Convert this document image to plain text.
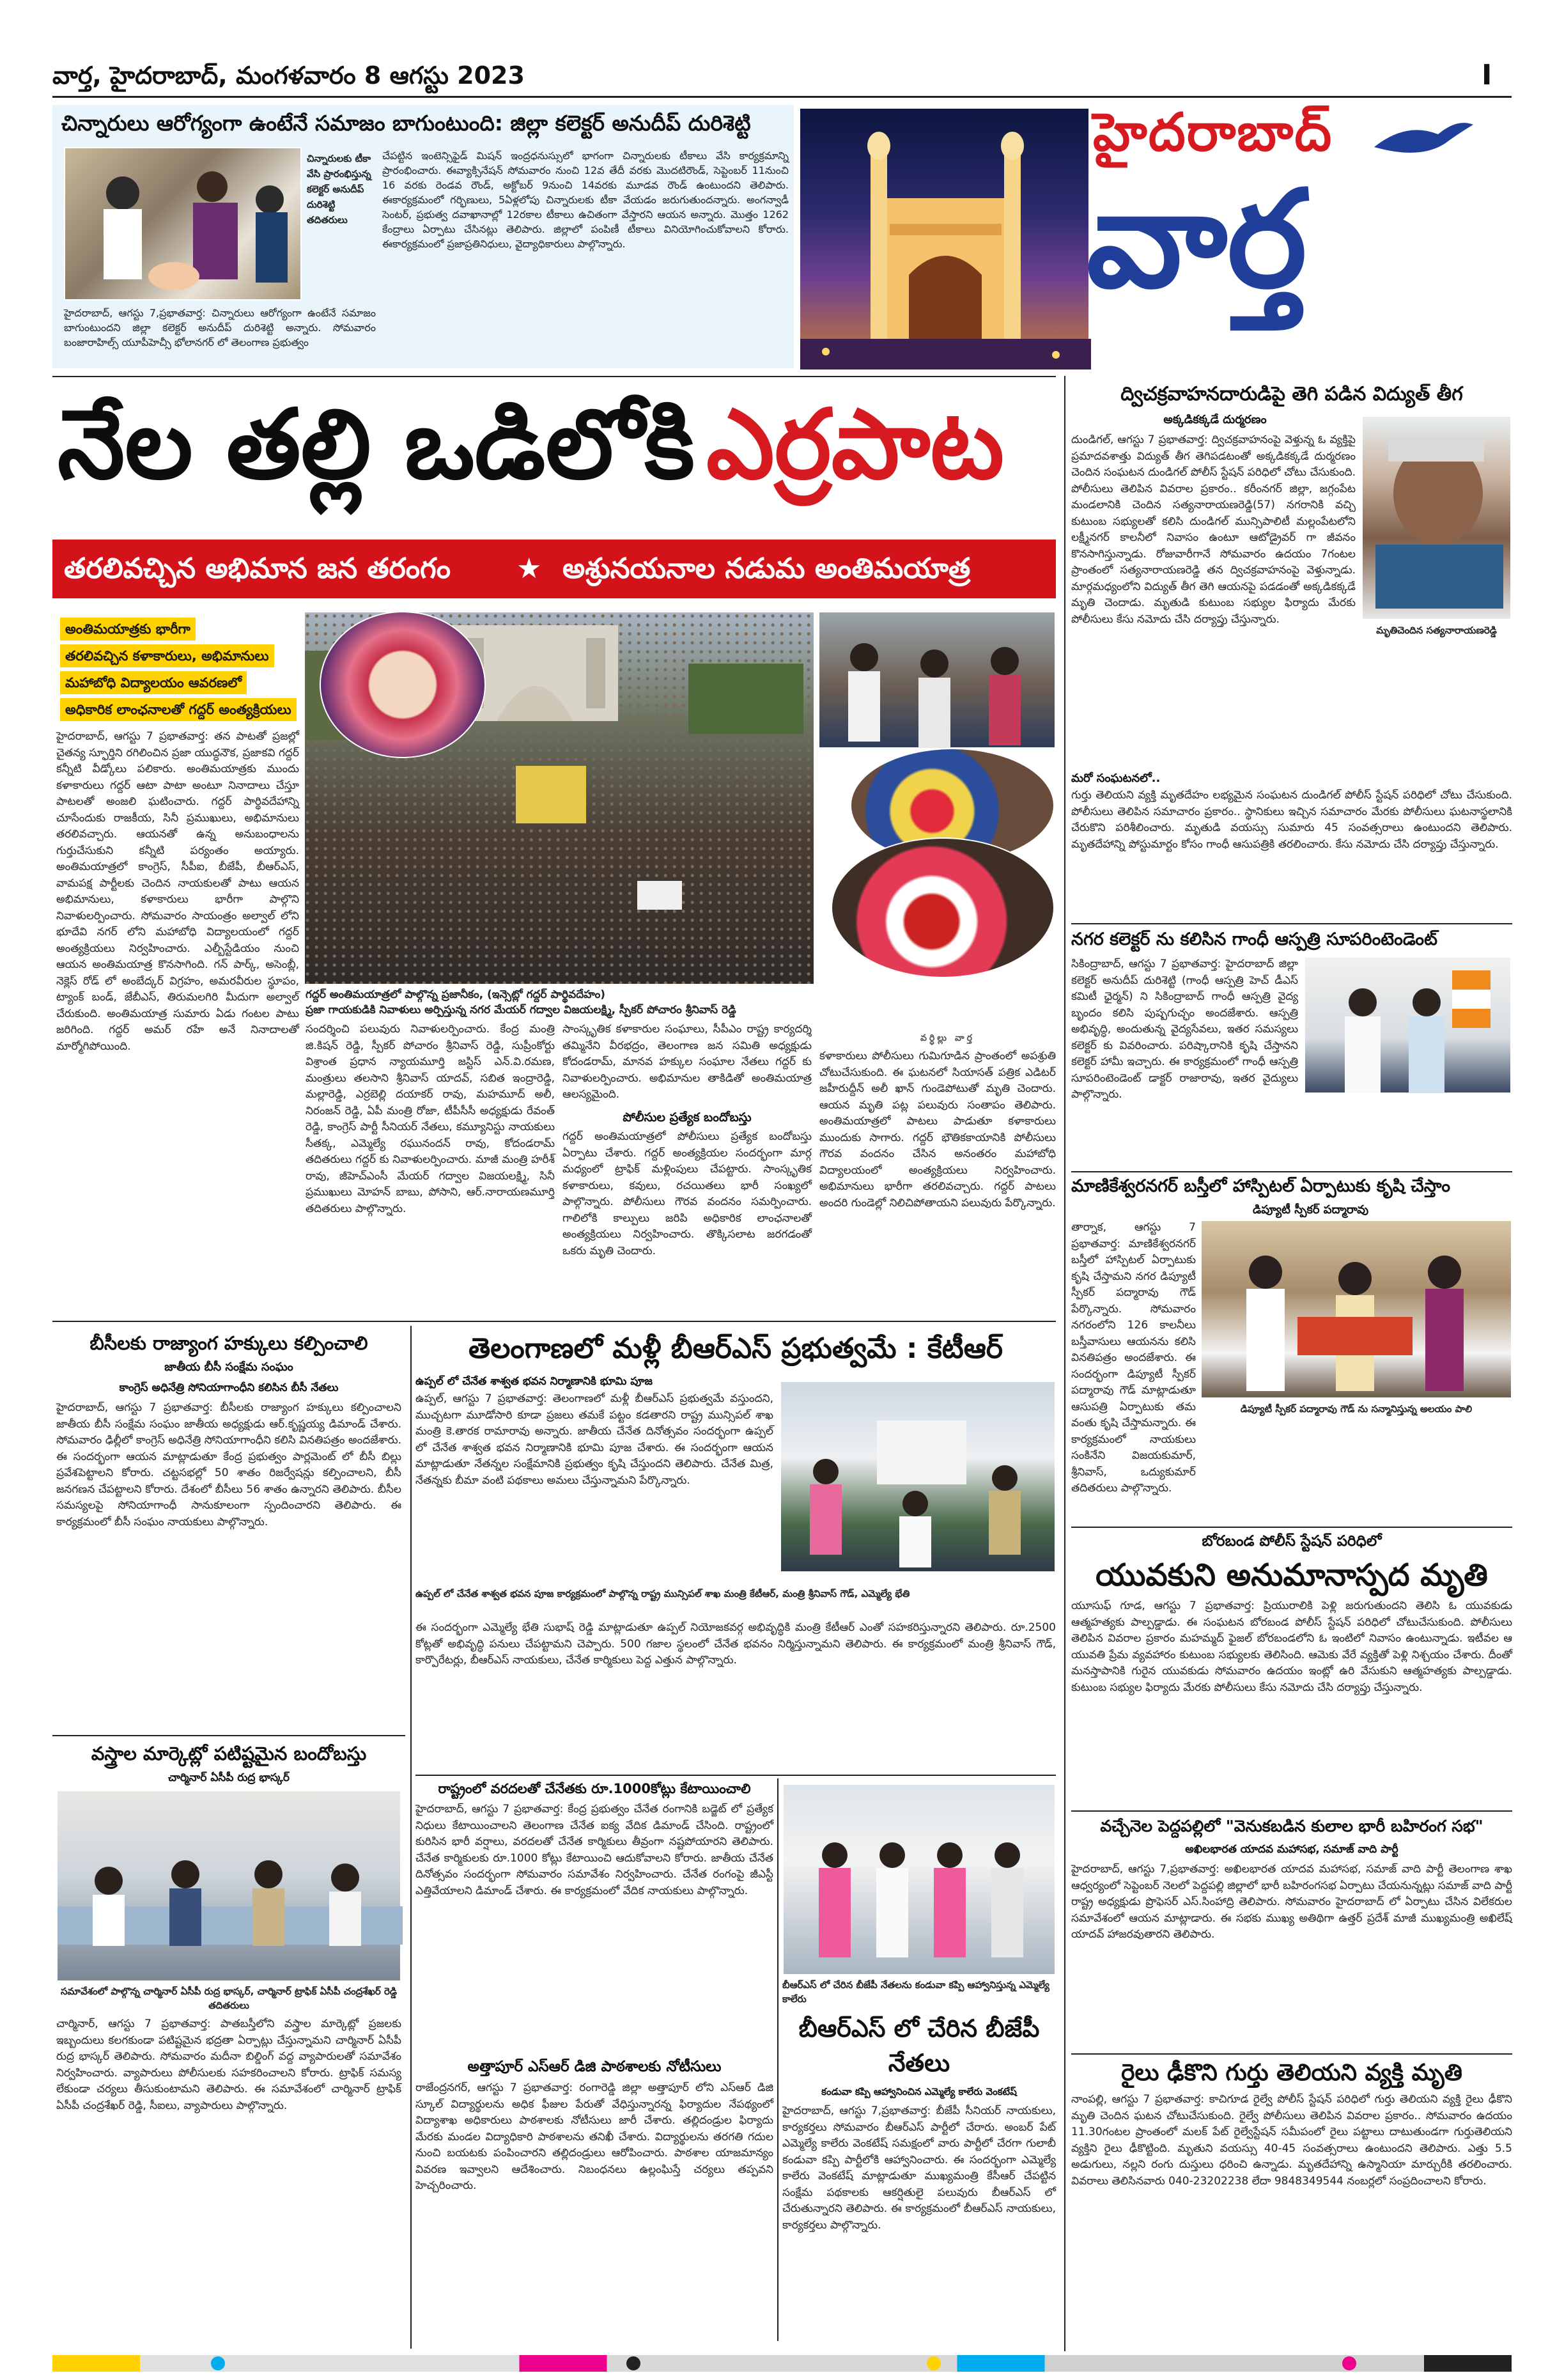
వార్త, హైదరాబాద్, మంగళవారం 8 ఆగస్టు 2023	I
చిన్నారులు ఆరోగ్యంగా ఉంటేనే సమాజం బాగుంటుంది: జిల్లా కలెక్టర్ అనుదీప్ దురిశెట్టి
చిన్నారులకు టీకా వేసి ప్రారంభిస్తున్న కలెక్టర్ అనుదీప్ దురిశెట్టి తదితరులు
హైదరాబాద్, ఆగస్టు 7,ప్రభాతవార్త: చిన్నారులు ఆరోగ్యంగా ఉంటేనే సమాజం బాగుంటుందని జిల్లా కలెక్టర్ అనుదీప్ దురిశెట్టి అన్నారు. సోమవారం బంజారాహిల్స్ యూపీహెచ్సీ భోలానగర్ లో తెలంగాణ ప్రభుత్వం
చేపట్టిన ఇంటెన్సిఫైడ్ మిషన్ ఇంద్రధనుస్సులో భాగంగా చిన్నారులకు టీకాలు వేసి కార్యక్రమాన్ని ప్రారంభించారు. ఈవ్యాక్సినేషన్ సోమవారం నుంచి 12వ తేదీ వరకు మొదటిరౌండ్, సెప్టెంబర్ 11నుంచి 16 వరకు రెండవ రౌండ్, అక్టోబర్ 9నుంచి 14వరకు మూడవ రౌండ్ ఉంటుందని తెలిపారు. ఈకార్యక్రమంలో గర్భిణులు, 5ఏళ్లలోపు చిన్నారులకు టీకా వేయడం జరుగుతుందన్నారు. అంగన్వాడీ సెంటర్, ప్రభుత్వ దవాఖానాల్లో 12రకాల టీకాలు ఉచితంగా వేస్తారని ఆయన అన్నారు. మొత్తం 1262 కేంద్రాలు ఏర్పాటు చేసినట్లు తెలిపారు. జిల్లాలో పంపిణీ టీకాలు వినియోగించుకోవాలని కోరారు. ఈకార్యక్రమంలో ప్రజాప్రతినిధులు, వైద్యాధికారులు పాల్గొన్నారు.
హైదరాబాద్
వార్త
నేల తల్లి ఒడిలోకి ఎర్రపాట
తరలివచ్చిన అభిమాన జన తరంగం ★ అశ్రునయనాల నడుమ అంతిమయాత్ర
అంతిమయాత్రకు భారీగా
తరలివచ్చిన కళాకారులు, అభిమానులు
మహాబోధి విద్యాలయం ఆవరణలో
అధికారిక లాంఛనాలతో గద్దర్ అంత్యక్రియలు
గద్దర్ అంతిమయాత్రలో పాల్గొన్న ప్రజానీకం, (ఇన్సెట్లో గద్దర్ పార్థివదేహం)
ప్రజా గాయకుడికి నివాళులు అర్పిస్తున్న నగర మేయర్ గద్వాల విజయలక్ష్మి, స్పీకర్ పోచారం శ్రీనివాస్ రెడ్డి
వర్ధిల్లు వార్త
హైదరాబాద్, ఆగస్టు 7 ప్రభాతవార్త: తన పాటతో ప్రజల్లో చైతన్య స్ఫూర్తిని రగిలించిన ప్రజా యుద్ధనౌక, ప్రజాకవి గద్దర్ కన్నీటి వీడ్కోలు పలికారు. అంతిమయాత్రకు ముందు కళాకారులు గద్దర్ ఆటా పాటా అంటూ నినాదాలు చేస్తూ పాటలతో అంజలి ఘటించారు. గద్దర్ పార్థివదేహాన్ని చూసేందుకు రాజకీయ, సినీ ప్రముఖులు, అభిమానులు తరలివచ్చారు. ఆయనతో ఉన్న అనుబంధాలను గుర్తుచేసుకుని కన్నీటి పర్యంతం అయ్యారు. అంతిమయాత్రలో కాంగ్రెస్, సీపీఐ, బీజేపీ, బీఆర్ఎస్, వామపక్ష పార్టీలకు చెందిన నాయకులతో పాటు ఆయన అభిమానులు, కళాకారులు భారీగా పాల్గొని నివాళులర్పించారు. సోమవారం సాయంత్రం అల్వాల్ లోని భూదేవి నగర్ లోని మహాబోధి విద్యాలయంలో గద్దర్ అంత్యక్రియలు నిర్వహించారు. ఎల్బీస్టేడియం నుంచి ఆయన అంతిమయాత్ర కొనసాగింది. గన్ పార్క్, అసెంబ్లీ, నెక్లెస్ రోడ్ లో అంబేద్కర్ విగ్రహం, అమరవీరుల స్థూపం, ట్యాంక్ బండ్, జేబీఎస్, తిరుమలగిరి మీదుగా అల్వాల్ చేరుకుంది. అంతిమయాత్ర సుమారు ఏడు గంటల పాటు జరిగింది. గద్దర్ అమర్ రహే అనే నినాదాలతో మార్మోగిపోయింది.
సందర్శించి పలువురు నివాళులర్పించారు. కేంద్ర మంత్రి జి.కిషన్ రెడ్డి, స్పీకర్ పోచారం శ్రీనివాస్ రెడ్డి, సుప్రీంకోర్టు విశ్రాంత ప్రధాన న్యాయమూర్తి జస్టిస్ ఎన్.వి.రమణ, మంత్రులు తలసాని శ్రీనివాస్ యాదవ్, సబిత ఇంద్రారెడ్డి, మల్లారెడ్డి, ఎర్రబెల్లి దయాకర్ రావు, మహమూద్ అలీ, నిరంజన్ రెడ్డి, ఏపీ మంత్రి రోజా, టీపీసీసీ అధ్యక్షుడు రేవంత్ రెడ్డి, కాంగ్రెస్ పార్టీ సీనియర్ నేతలు, కమ్యూనిస్టు నాయకులు సీతక్క, ఎమ్మెల్యే రఘునందన్ రావు, కోదండరామ్ తదితరులు గద్దర్ కు నివాళులర్పించారు. మాజీ మంత్రి హరీశ్ రావు, జీహెచ్ఎంసీ మేయర్ గద్వాల విజయలక్ష్మి, సినీ ప్రముఖులు మోహన్ బాబు, పోసాని, ఆర్.నారాయణమూర్తి తదితరులు పాల్గొన్నారు.
సాంస్కృతిక కళాకారుల సంఘాలు, సీపీఎం రాష్ట్ర కార్యదర్శి తమ్మినేని వీరభద్రం, తెలంగాణ జన సమితి అధ్యక్షుడు కోదండరామ్, మానవ హక్కుల సంఘాల నేతలు గద్దర్ కు నివాళులర్పించారు. అభిమానుల తాకిడితో అంతిమయాత్ర ఆలస్యమైంది.
పోలీసుల ప్రత్యేక బందోబస్తు
గద్దర్ అంతిమయాత్రలో పోలీసులు ప్రత్యేక బందోబస్తు ఏర్పాటు చేశారు. గద్దర్ అంత్యక్రియల సందర్భంగా మార్గ మధ్యంలో ట్రాఫిక్ మళ్లింపులు చేపట్టారు. సాంస్కృతిక కళాకారులు, కవులు, రచయితలు భారీ సంఖ్యలో పాల్గొన్నారు. పోలీసులు గౌరవ వందనం సమర్పించారు. గాలిలోకి కాల్పులు జరిపి అధికారిక లాంఛనాలతో అంత్యక్రియలు నిర్వహించారు. తొక్కిసలాట జరగడంతో ఒకరు మృతి చెందారు.
కళాకారులు పోలీసులు గుమిగూడిన ప్రాంతంలో అపశ్రుతి చోటుచేసుకుంది. ఈ ఘటనలో సియాసత్ పత్రిక ఎడిటర్ జహీరుద్దీన్ అలీ ఖాన్ గుండెపోటుతో మృతి చెందారు. ఆయన మృతి పట్ల పలువురు సంతాపం తెలిపారు. అంతిమయాత్రలో పాటలు పాడుతూ కళాకారులు ముందుకు సాగారు. గద్దర్ భౌతికకాయానికి పోలీసులు గౌరవ వందనం చేసిన అనంతరం మహాబోధి విద్యాలయంలో అంత్యక్రియలు నిర్వహించారు. అభిమానులు భారీగా తరలివచ్చారు. గద్దర్ పాటలు అందరి గుండెల్లో నిలిచిపోతాయని పలువురు పేర్కొన్నారు.
ద్విచక్రవాహనదారుడిపై తెగి పడిన విద్యుత్ తీగ
అక్కడికక్కడే దుర్మరణం
మృతిచెందిన సత్యనారాయణరెడ్డి
దుండిగల్, ఆగస్టు 7 ప్రభాతవార్త: ద్విచక్రవాహనంపై వెళ్తున్న ఓ వ్యక్తిపై ప్రమాదవశాత్తు విద్యుత్ తీగ తెగిపడటంతో అక్కడికక్కడే దుర్మరణం చెందిన సంఘటన దుండిగల్ పోలీస్ స్టేషన్ పరిధిలో చోటు చేసుకుంది. పోలీసులు తెలిపిన వివరాల ప్రకారం.. కరీంనగర్ జిల్లా, జగ్గంపేట మండలానికి చెందిన సత్యనారాయణరెడ్డి(57) నగరానికి వచ్చి కుటుంబ సభ్యులతో కలిసి దుండిగల్ మున్సిపాలిటీ మల్లంపేటలోని లక్ష్మీనగర్ కాలనీలో నివాసం ఉంటూ ఆటోడ్రైవర్ గా జీవనం కొనసాగిస్తున్నాడు. రోజువారీగానే సోమవారం ఉదయం 7గంటల ప్రాంతంలో సత్యనారాయణరెడ్డి తన ద్విచక్రవాహనంపై వెళ్తున్నాడు. మార్గమధ్యంలోని విద్యుత్ తీగ తెగి ఆయనపై పడడంతో అక్కడికక్కడే మృతి చెందాడు. మృతుడి కుటుంబ సభ్యుల ఫిర్యాదు మేరకు పోలీసులు కేసు నమోదు చేసి దర్యాప్తు చేస్తున్నారు.
మరో సంఘటనలో..
గుర్తు తెలియని వ్యక్తి మృతదేహం లభ్యమైన సంఘటన దుండిగల్ పోలీస్ స్టేషన్ పరిధిలో చోటు చేసుకుంది. పోలీసులు తెలిపిన సమాచారం ప్రకారం.. స్థానికులు ఇచ్చిన సమాచారం మేరకు పోలీసులు ఘటనాస్థలానికి చేరుకొని పరిశీలించారు. మృతుడి వయస్సు సుమారు 45 సంవత్సరాలు ఉంటుందని తెలిపారు. మృతదేహాన్ని పోస్టుమార్టం కోసం గాంధీ ఆసుపత్రికి తరలించారు. కేసు నమోదు చేసి దర్యాప్తు చేస్తున్నారు.
నగర కలెక్టర్ ను కలిసిన గాంధీ ఆస్పత్రి సూపరింటెండెంట్
సికింద్రాబాద్, ఆగస్టు 7 ప్రభాతవార్త: హైదరాబాద్ జిల్లా కలెక్టర్ అనుదీప్ దురిశెట్టి (గాంధీ ఆస్పత్రి హెచ్ డీఎస్ కమిటీ ఛైర్మన్) ని సికింద్రాబాద్ గాంధీ ఆస్పత్రి వైద్య బృందం కలిసి పుష్పగుచ్ఛం అందజేశారు. ఆస్పత్రి అభివృద్ధి, అందుతున్న వైద్యసేవలు, ఇతర సమస్యలు కలెక్టర్ కు వివరించారు. పరిష్కారానికి కృషి చేస్తానని కలెక్టర్ హామీ ఇచ్చారు. ఈ కార్యక్రమంలో గాంధీ ఆస్పత్రి సూపరింటెండెంట్ డాక్టర్ రాజారావు, ఇతర వైద్యులు పాల్గొన్నారు.
మాణికేశ్వరనగర్ బస్తీలో హాస్పిటల్ ఏర్పాటుకు కృషి చేస్తాం
డిప్యూటీ స్పీకర్ పద్మారావు
డిప్యూటీ స్పీకర్ పద్మారావు గౌడ్ ను సన్మానిస్తున్న అలయం పాలి
తార్నాక, ఆగస్టు 7 ప్రభాతవార్త: మాణికేశ్వరనగర్ బస్తీలో హాస్పిటల్ ఏర్పాటుకు కృషి చేస్తామని నగర డిప్యూటీ స్పీకర్ పద్మారావు గౌడ్ పేర్కొన్నారు. సోమవారం నగరంలోని 126 కాలనీలు బస్తీవాసులు ఆయనను కలిసి వినతిపత్రం అందజేశారు. ఈ సందర్భంగా డిప్యూటీ స్పీకర్ పద్మారావు గౌడ్ మాట్లాడుతూ ఆసుపత్రి ఏర్పాటుకు తమ వంతు కృషి చేస్తామన్నారు. ఈ కార్యక్రమంలో నాయకులు సంకినేని విజయకుమార్, శ్రీనివాస్, ఒద్యుకుమార్ తదితరులు పాల్గొన్నారు.
బోరబండ పోలీస్ స్టేషన్ పరిధిలో
యువకుని అనుమానాస్పద మృతి
యూసుఫ్ గూడ, ఆగస్టు 7 ప్రభాతవార్త: ప్రియురాలికి పెళ్లి జరుగుతుందని తెలిసి ఓ యువకుడు ఆత్మహత్యకు పాల్పడ్డాడు. ఈ సంఘటన బోరబండ పోలీస్ స్టేషన్ పరిధిలో చోటుచేసుకుంది. పోలీసులు తెలిపిన వివరాల ప్రకారం మహమ్మద్ ఫైజల్ బోరబండలోని ఓ ఇంటిలో నివాసం ఉంటున్నాడు. ఇటీవల ఆ యువతి ప్రేమ వ్యవహారం కుటుంబ సభ్యులకు తెలిసింది. ఆమెకు వేరే వ్యక్తితో పెళ్లి నిశ్చయం చేశారు. దీంతో మనస్తాపానికి గురైన యువకుడు సోమవారం ఉదయం ఇంట్లో ఉరి వేసుకుని ఆత్మహత్యకు పాల్పడ్డాడు. కుటుంబ సభ్యుల ఫిర్యాదు మేరకు పోలీసులు కేసు నమోదు చేసి దర్యాప్తు చేస్తున్నారు.
వచ్చేనెల పెద్దపల్లిలో "వెనుకబడిన కులాల భారీ బహిరంగ సభ"
అఖిలభారత యాదవ మహాసభ, సమాజ్ వాది పార్టీ
హైదరాబాద్, ఆగస్టు 7,ప్రభాతవార్త: అఖిలభారత యాదవ మహాసభ, సమాజ్ వాది పార్టీ తెలంగాణ శాఖ ఆధ్వర్యంలో సెప్టెంబర్ నెలలో పెద్దపల్లి జిల్లాలో భారీ బహిరంగసభ ఏర్పాటు చేయనున్నట్లు సమాజ్ వాది పార్టీ రాష్ట్ర అధ్యక్షుడు ప్రొఫెసర్ ఎస్.సింహాద్రి తెలిపారు. సోమవారం హైదరాబాద్ లో ఏర్పాటు చేసిన విలేకరుల సమావేశంలో ఆయన మాట్లాడారు. ఈ సభకు ముఖ్య అతిథిగా ఉత్తర్ ప్రదేశ్ మాజీ ముఖ్యమంత్రి అఖిలేష్ యాదవ్ హాజరవుతారని తెలిపారు.
రైలు ఢీకొని గుర్తు తెలియని వ్యక్తి మృతి
నాంపల్లి, ఆగస్టు 7 ప్రభాతవార్త: కాచిగూడ రైల్వే పోలీస్ స్టేషన్ పరిధిలో గుర్తు తెలియని వ్యక్తి రైలు ఢీకొని మృతి చెందిన ఘటన చోటుచేసుకుంది. రైల్వే పోలీసులు తెలిపిన వివరాల ప్రకారం.. సోమవారం ఉదయం 11.30గంటల ప్రాంతంలో మలక్ పేట్ రైల్వేస్టేషన్ సమీపంలో రైలు పట్టాలు దాటుతుండగా గుర్తుతెలియని వ్యక్తిని రైలు ఢీకొట్టింది. మృతుని వయస్సు 40-45 సంవత్సరాలు ఉంటుందని తెలిపారు. ఎత్తు 5.5 అడుగులు, నల్లని రంగు దుస్తులు ధరించి ఉన్నాడు. మృతదేహాన్ని ఉస్మానియా మార్చురీకి తరలించారు. వివరాలు తెలిసినవారు 040-23202238 లేదా 9848349544 నంబర్లలో సంప్రదించాలని కోరారు.
బీసీలకు రాజ్యాంగ హక్కులు కల్పించాలి
జాతీయ బీసీ సంక్షేమ సంఘం
కాంగ్రెస్ అధినేత్రి సోనియాగాంధీని కలిసిన బీసీ నేతలు
హైదరాబాద్, ఆగస్టు 7 ప్రభాతవార్త: బీసీలకు రాజ్యాంగ హక్కులు కల్పించాలని జాతీయ బీసీ సంక్షేమ సంఘం జాతీయ అధ్యక్షుడు ఆర్.కృష్ణయ్య డిమాండ్ చేశారు. సోమవారం ఢిల్లీలో కాంగ్రెస్ అధినేత్రి సోనియాగాంధీని కలిసి వినతిపత్రం అందజేశారు. ఈ సందర్భంగా ఆయన మాట్లాడుతూ కేంద్ర ప్రభుత్వం పార్లమెంట్ లో బీసీ బిల్లు ప్రవేశపెట్టాలని కోరారు. చట్టసభల్లో 50 శాతం రిజర్వేషన్లు కల్పించాలని, బీసీ జనగణన చేపట్టాలని కోరారు. దేశంలో బీసీలు 56 శాతం ఉన్నారని తెలిపారు. బీసీల సమస్యలపై సోనియాగాంధీ సానుకూలంగా స్పందించారని తెలిపారు. ఈ కార్యక్రమంలో బీసీ సంఘం నాయకులు పాల్గొన్నారు.
వస్త్రాల మార్కెట్లో పటిష్టమైన బందోబస్తు
చార్మినార్ ఏసీపీ రుద్ర భాస్కర్
సమావేశంలో పాల్గొన్న చార్మినార్ ఏసీపీ రుద్ర భాస్కర్, చార్మినార్ ట్రాఫిక్ ఏసీపీ చంద్రశేఖర్ రెడ్డి తదితరులు
చార్మినార్, ఆగస్టు 7 ప్రభాతవార్త: పాతబస్తీలోని వస్త్రాల మార్కెట్లో ప్రజలకు ఇబ్బందులు కలగకుండా పటిష్టమైన భద్రతా ఏర్పాట్లు చేస్తున్నామని చార్మినార్ ఏసీపీ రుద్ర భాస్కర్ తెలిపారు. సోమవారం మదీనా బిల్డింగ్ వద్ద వ్యాపారులతో సమావేశం నిర్వహించారు. వ్యాపారులు పోలీసులకు సహకరించాలని కోరారు. ట్రాఫిక్ సమస్య లేకుండా చర్యలు తీసుకుంటామని తెలిపారు. ఈ సమావేశంలో చార్మినార్ ట్రాఫిక్ ఏసీపీ చంద్రశేఖర్ రెడ్డి, సీఐలు, వ్యాపారులు పాల్గొన్నారు.
తెలంగాణలో మళ్లీ బీఆర్ఎస్ ప్రభుత్వమే : కేటీఆర్
ఉప్పల్ లో చేనేత శాశ్వత భవన నిర్మాణానికి భూమి పూజ
ఉప్పల్, ఆగస్టు 7 ప్రభాతవార్త: తెలంగాణలో మళ్లీ బీఆర్ఎస్ ప్రభుత్వమే వస్తుందని, ముచ్చటగా మూడోసారి కూడా ప్రజలు తమకే పట్టం కడతారని రాష్ట్ర మున్సిపల్ శాఖ మంత్రి కె.తారక రామారావు అన్నారు. జాతీయ చేనేత దినోత్సవం సందర్భంగా ఉప్పల్ లో చేనేత శాశ్వత భవన నిర్మాణానికి భూమి పూజ చేశారు. ఈ సందర్భంగా ఆయన మాట్లాడుతూ నేతన్నల సంక్షేమానికి ప్రభుత్వం కృషి చేస్తుందని తెలిపారు. చేనేత మిత్ర, నేతన్నకు బీమా వంటి పథకాలు అమలు చేస్తున్నామని పేర్కొన్నారు.
ఉప్పల్ లో చేనేత శాశ్వత భవన పూజ కార్యక్రమంలో పాల్గొన్న రాష్ట్ర మున్సిపల్ శాఖ మంత్రి కేటీఆర్, మంత్రి శ్రీనివాస్ గౌడ్, ఎమ్మెల్యే భేతి
ఈ సందర్భంగా ఎమ్మెల్యే భేతి సుభాష్ రెడ్డి మాట్లాడుతూ ఉప్పల్ నియోజకవర్గ అభివృద్ధికి మంత్రి కేటీఆర్ ఎంతో సహకరిస్తున్నారని తెలిపారు. రూ.2500 కోట్లతో అభివృద్ధి పనులు చేపట్టామని చెప్పారు. 500 గజాల స్థలంలో చేనేత భవనం నిర్మిస్తున్నామని తెలిపారు. ఈ కార్యక్రమంలో మంత్రి శ్రీనివాస్ గౌడ్, కార్పొరేటర్లు, బీఆర్ఎస్ నాయకులు, చేనేత కార్మికులు పెద్ద ఎత్తున పాల్గొన్నారు.
రాష్ట్రంలో వరదలతో చేనేతకు రూ.1000కోట్లు కేటాయించాలి
హైదరాబాద్, ఆగస్టు 7 ప్రభాతవార్త: కేంద్ర ప్రభుత్వం చేనేత రంగానికి బడ్జెట్ లో ప్రత్యేక నిధులు కేటాయించాలని తెలంగాణ చేనేత ఐక్య వేదిక డిమాండ్ చేసింది. రాష్ట్రంలో కురిసిన భారీ వర్షాలు, వరదలతో చేనేత కార్మికులు తీవ్రంగా నష్టపోయారని తెలిపారు. చేనేత కార్మికులకు రూ.1000 కోట్లు కేటాయించి ఆదుకోవాలని కోరారు. జాతీయ చేనేత దినోత్సవం సందర్భంగా సోమవారం సమావేశం నిర్వహించారు. చేనేత రంగంపై జీఎస్టీ ఎత్తివేయాలని డిమాండ్ చేశారు. ఈ కార్యక్రమంలో వేదిక నాయకులు పాల్గొన్నారు.
అత్తాపూర్ ఎస్ఆర్ డిజి పాఠశాలకు నోటీసులు
రాజేంద్రనగర్, ఆగస్టు 7 ప్రభాతవార్త: రంగారెడ్డి జిల్లా అత్తాపూర్ లోని ఎస్ఆర్ డిజి స్కూల్ విద్యార్థులను అధిక ఫీజుల పేరుతో వేధిస్తున్నారన్న ఫిర్యాదుల నేపథ్యంలో విద్యాశాఖ అధికారులు పాఠశాలకు నోటీసులు జారీ చేశారు. తల్లిదండ్రుల ఫిర్యాదు మేరకు మండల విద్యాధికారి పాఠశాలను తనిఖీ చేశారు. విద్యార్థులను తరగతి గదుల నుంచి బయటకు పంపించారని తల్లిదండ్రులు ఆరోపించారు. పాఠశాల యాజమాన్యం వివరణ ఇవ్వాలని ఆదేశించారు. నిబంధనలు ఉల్లంఘిస్తే చర్యలు తప్పవని హెచ్చరించారు.
బీఆర్ఎస్ లో చేరిన బీజేపీ నేతలను కండువా కప్పి ఆహ్వానిస్తున్న ఎమ్మెల్యే కాలేరు
బీఆర్ఎస్ లో చేరిన బీజేపీ నేతలు
కండువా కప్పి ఆహ్వానించిన ఎమ్మెల్యే కాలేరు వెంకటేష్
హైదరాబాద్, ఆగస్టు 7,ప్రభాతవార్త: బీజేపీ సీనియర్ నాయకులు, కార్యకర్తలు సోమవారం బీఆర్ఎస్ పార్టీలో చేరారు. అంబర్ పేట్ ఎమ్మెల్యే కాలేరు వెంకటేష్ సమక్షంలో వారు పార్టీలో చేరగా గులాబీ కండువా కప్పి పార్టీలోకి ఆహ్వానించారు. ఈ సందర్భంగా ఎమ్మెల్యే కాలేరు వెంకటేష్ మాట్లాడుతూ ముఖ్యమంత్రి కేసీఆర్ చేపట్టిన సంక్షేమ పథకాలకు ఆకర్షితులై పలువురు బీఆర్ఎస్ లో చేరుతున్నారని తెలిపారు. ఈ కార్యక్రమంలో బీఆర్ఎస్ నాయకులు, కార్యకర్తలు పాల్గొన్నారు.
